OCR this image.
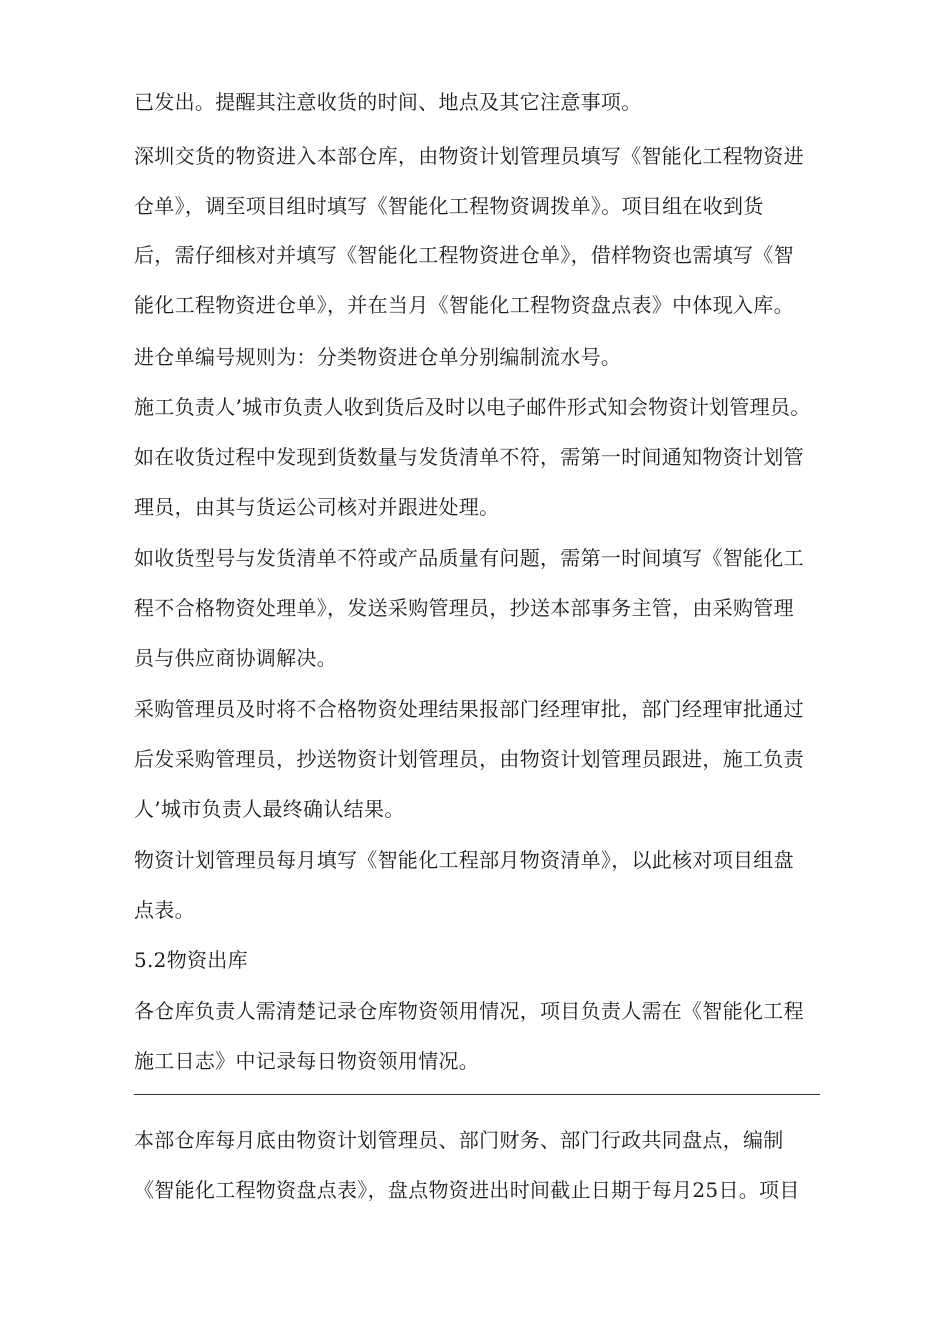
已发出。提醒其注意收货的时间、地点及其它注意事项。
深圳交货的物资进入本部仓库，由物资计划管理员填写《智能化工程物资进
仓单》，调至项目组时填写《智能化工程物资调拨单》。项目组在收到货
后，需仔细核对并填写《智能化工程物资进仓单》，借样物资也需填写《智
能化工程物资进仓单》，并在当月《智能化工程物资盘点表》中体现入库。
进仓单编号规则为：分类物资进仓单分别编制流水号。
施工负责人’城市负责人收到货后及时以电子邮件形式知会物资计划管理员。
如在收货过程中发现到货数量与发货清单不符，需第一时间通知物资计划管
理员，由其与货运公司核对并跟进处理。
如收货型号与发货清单不符或产品质量有问题，需第一时间填写《智能化工
程不合格物资处理单》，发送采购管理员，抄送本部事务主管，由采购管理
员与供应商协调解决。
采购管理员及时将不合格物资处理结果报部门经理审批，部门经理审批通过
后发采购管理员，抄送物资计划管理员，由物资计划管理员跟进，施工负责
人’城市负责人最终确认结果。
物资计划管理员每月填写《智能化工程部月物资清单》，以此核对项目组盘
点表。
5.2物资出库
各仓库负责人需清楚记录仓库物资领用情况，项目负责人需在《智能化工程
施工日志》中记录每日物资领用情况。
本部仓库每月底由物资计划管理员、部门财务、部门行政共同盘点，编制
《智能化工程物资盘点表》，盘点物资进出时间截止日期于每月25日。项目
